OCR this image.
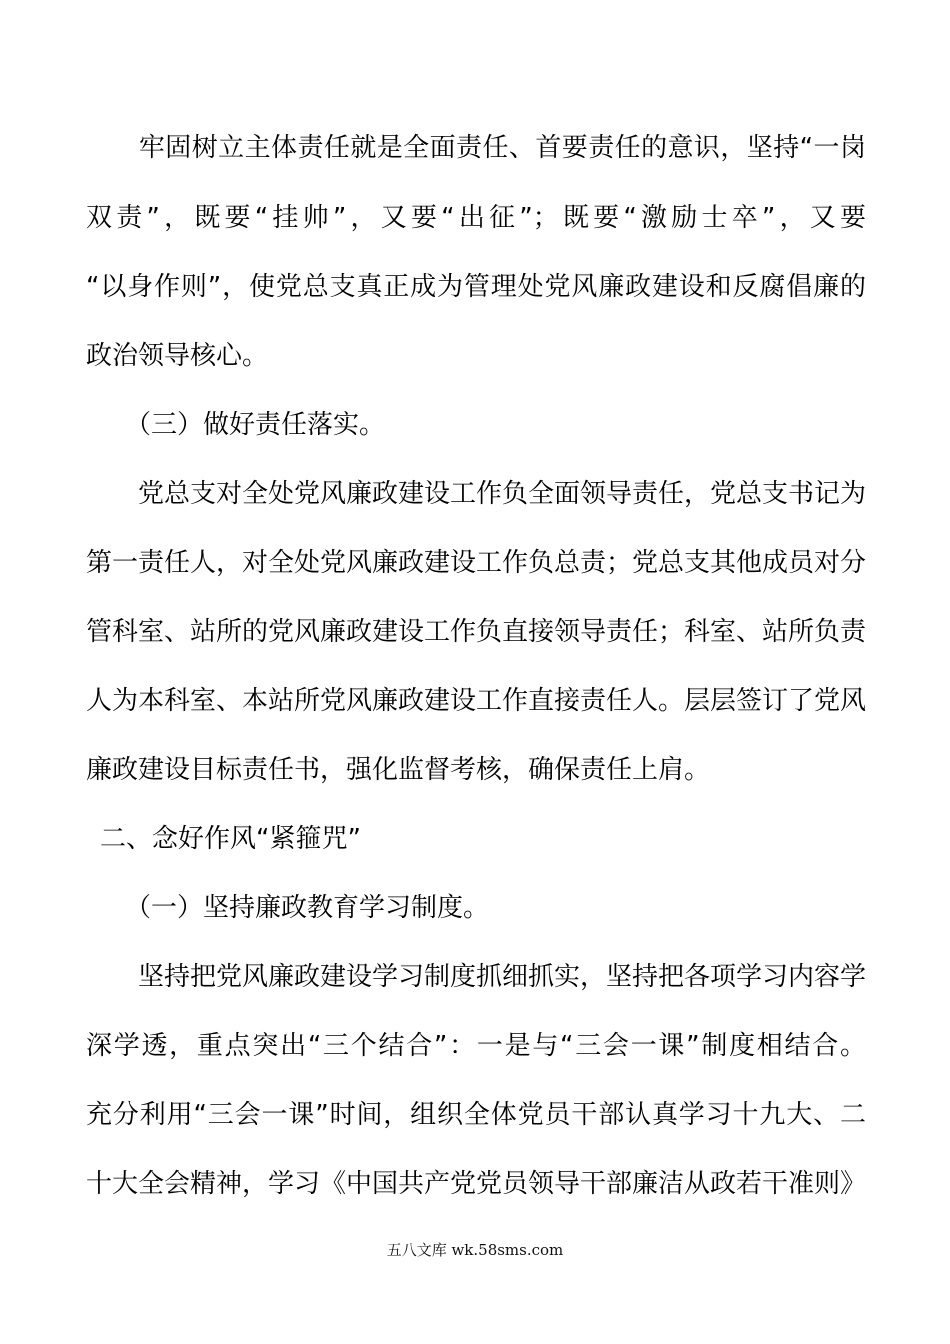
　　牢固树立主体责任就是全面责任、首要责任的意识，坚持“一岗
双责”，既要“挂帅”，又要“出征”；既要“激励士卒”，又要
“以身作则”，使党总支真正成为管理处党风廉政建设和反腐倡廉的
政治领导核心。
　　（三）做好责任落实。
　　党总支对全处党风廉政建设工作负全面领导责任，党总支书记为
第一责任人，对全处党风廉政建设工作负总责；党总支其他成员对分
管科室、站所的党风廉政建设工作负直接领导责任；科室、站所负责
人为本科室、本站所党风廉政建设工作直接责任人。层层签订了党风
廉政建设目标责任书，强化监督考核，确保责任上肩。
二、念好作风“紧箍咒”
　　（一）坚持廉政教育学习制度。
　　坚持把党风廉政建设学习制度抓细抓实，坚持把各项学习内容学
深学透，重点突出“三个结合”：一是与“三会一课”制度相结合。
充分利用“三会一课”时间，组织全体党员干部认真学习十九大、二
十大全会精神，学习《中国共产党党员领导干部廉洁从政若干准则》
五八文库 wk.58sms.com
